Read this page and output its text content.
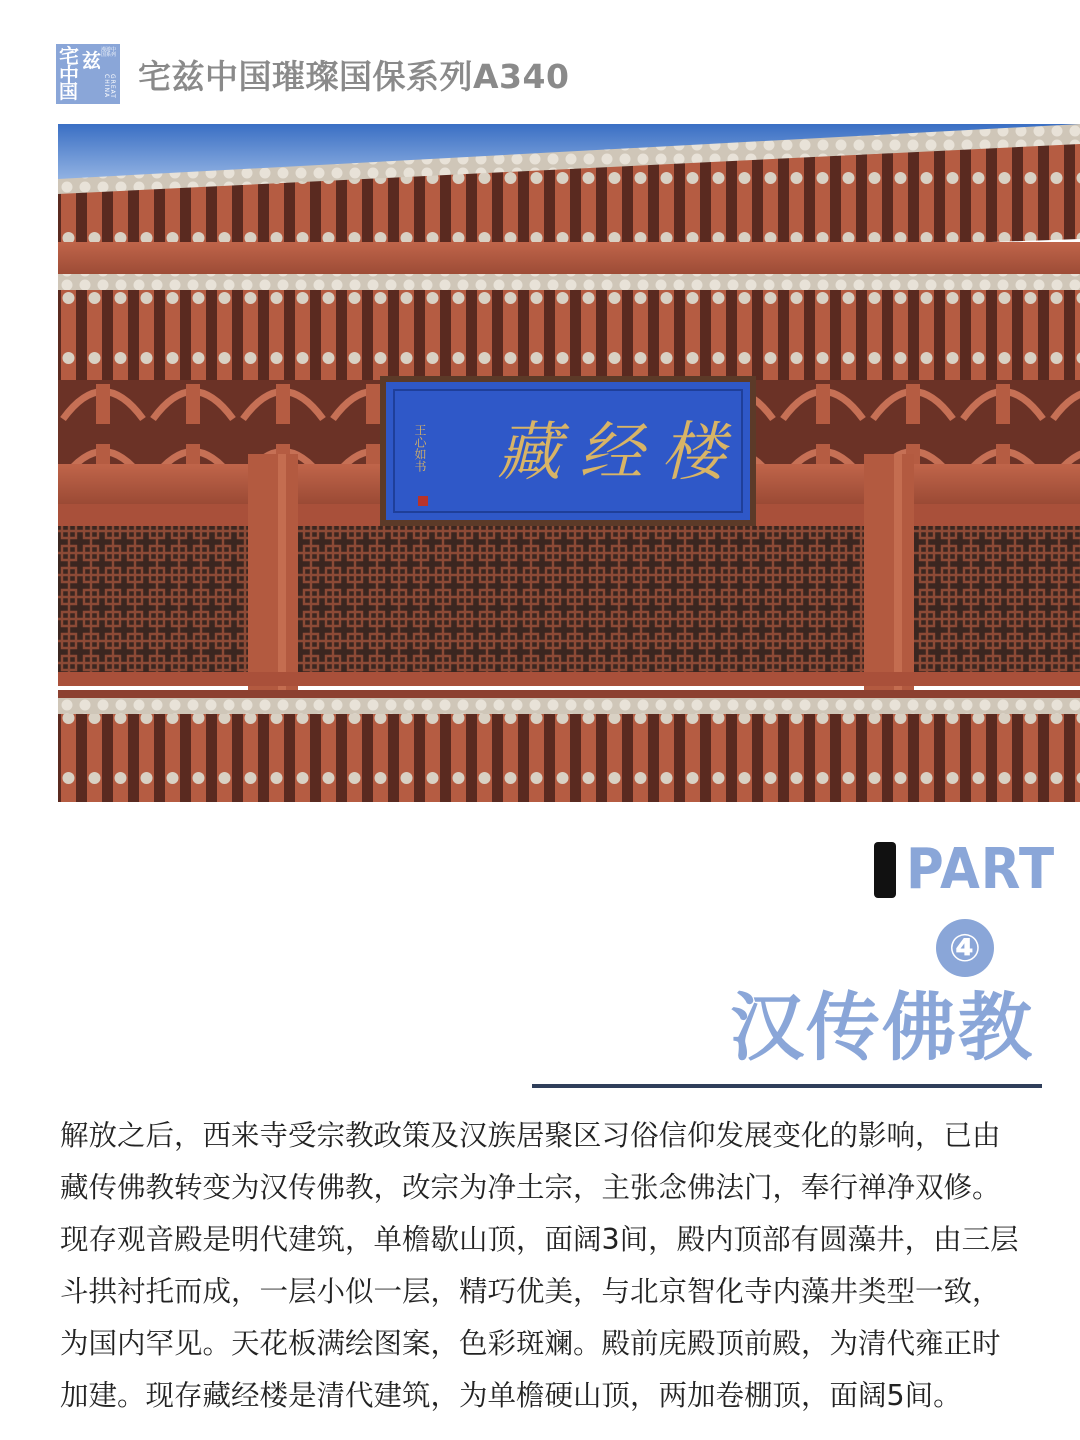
宅 兹
中
国
漫游中国系列
GREAT CHINA 宅兹中国璀璨国保系列A340
藏经楼
王心如书
PART
④
汉传佛教
解放之后，西来寺受宗教政策及汉族居聚区习俗信仰发展变化的影响，已由
藏传佛教转变为汉传佛教，改宗为净土宗，主张念佛法门，奉行禅净双修。
现存观音殿是明代建筑，单檐歇山顶，面阔3间，殿内顶部有圆藻井，由三层
斗拱衬托而成，一层小似一层，精巧优美，与北京智化寺内藻井类型一致，
为国内罕见。天花板满绘图案，色彩斑斓。殿前庑殿顶前殿，为清代雍正时
加建。现存藏经楼是清代建筑，为单檐硬山顶，两加卷棚顶，面阔5间。
